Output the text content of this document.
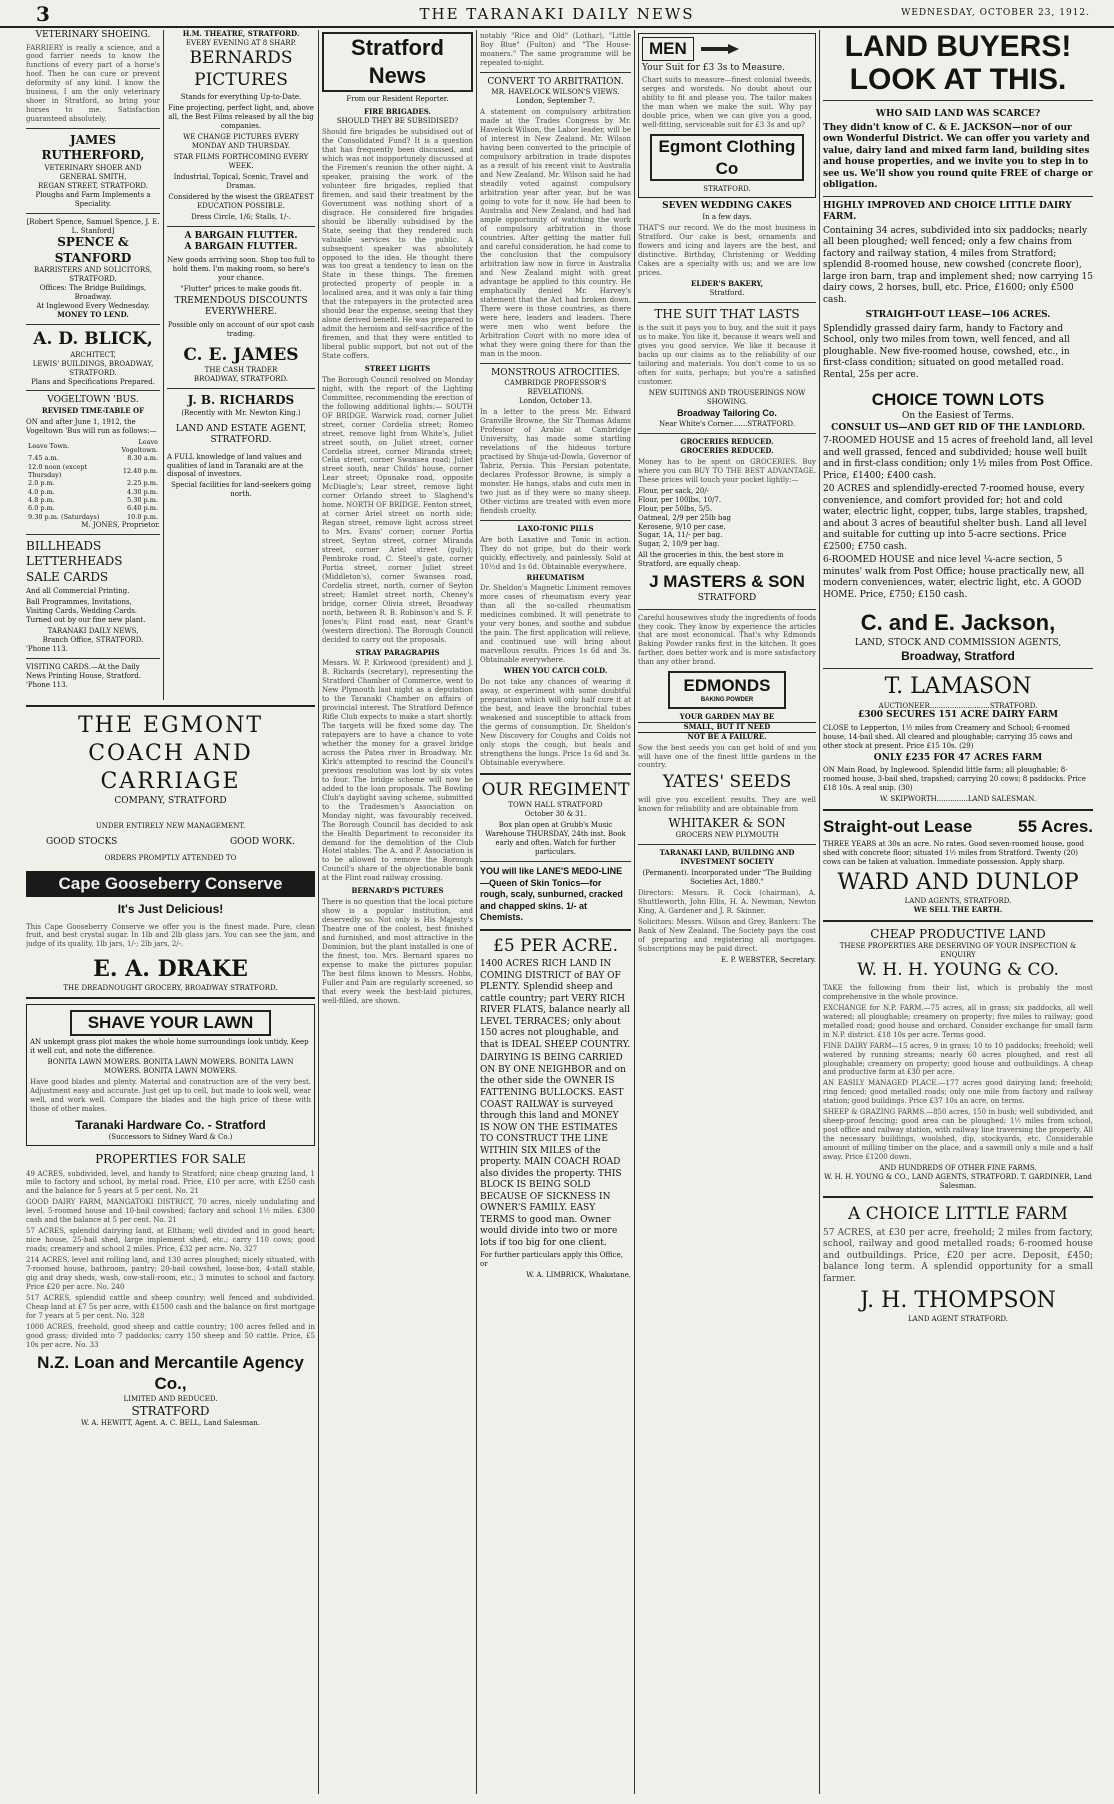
3	THE TARANAKI DAILY NEWS	WEDNESDAY, OCTOBER 23, 1912.
VETERINARY SHOEING.

FARRIERY is really a science, and a good farrier needs to know the functions of every part of a horse's hoof. Then he can cure or prevent deformity of any kind. I know the business, I am the only veterinary shoer in Stratford, so bring your horses to me. Satisfaction guaranteed absolutely.

JAMES RUTHERFORD,
VETERINARY SHOER AND GENERAL SMITH,
REGAN STREET, STRATFORD.
Ploughs and Farm Implements a Speciality.
[Robert Spence, Samuel Spence, J. E. L. Stanford]
SPENCE & STANFORD
BARRISTERS AND SOLICITORS, STRATFORD.
Offices: The Bridge Buildings, Broadway.
At Inglewood Every Wednesday.
MONEY TO LEND.
A. D. BLICK,
ARCHITECT,
LEWIS' BUILDINGS, BROADWAY, STRATFORD.
Plans and Specifications Prepared.
VOGELTOWN 'BUS.
REVISED TIME-TABLE OF

ON and after June 1, 1912, the Vogeltown 'Bus will run as follows:—

Leave Town.	Leave Vogeltown.
7.45 a.m.	8.30 a.m.
12.0 noon (except Thursday)	12.40 p.m.
2.0 p.m.	2.25 p.m.
4.0 p.m.	4.30 p.m.
4.8 p.m.	5.30 p.m.
6.0 p.m.	6.40 p.m.
9.30 p.m. (Saturdays)	10.0 p.m.
M. JONES, Proprietor.
BILLHEADS
LETTERHEADS
SALE CARDS

And all Commercial Printing.

Ball Programmes, Invitations, Visiting Cards, Wedding Cards. Turned out by our fine new plant.

TARANAKI DAILY NEWS,
Branch Office, STRATFORD.
'Phone 113.

VISITING CARDS.—At the Daily News Printing House, Stratford. 'Phone 113.

H.M. THEATRE, STRATFORD.
EVERY EVENING AT 8 SHARP.
BERNARDS PICTURES

Stands for everything Up-to-Date.

Fine projecting, perfect light, and, above all, the Best Films released by all the big companies.

WE CHANGE PICTURES EVERY MONDAY AND THURSDAY.

STAR FILMS FORTHCOMING EVERY WEEK.

Industrial, Topical, Scenic, Travel and Dramas.

Considered by the wisest the GREATEST EDUCATION POSSIBLE.

Dress Circle, 1/6; Stalls, 1/-.

A BARGAIN FLUTTER.
A BARGAIN FLUTTER.

New goods arriving soon. Shop too full to hold them. I'm making room, so here's your chance.

"Flutter" prices to make goods fit.

TREMENDOUS DISCOUNTS EVERYWHERE.

Possible only on account of our spot cash trading.

C. E. JAMES
THE CASH TRADER
BROADWAY, STRATFORD.
J. B. RICHARDS
(Recently with Mr. Newton King.)
LAND AND ESTATE AGENT, STRATFORD.

A FULL knowledge of land values and qualities of land in Taranaki are at the disposal of investors.

Special facilities for land-seekers going north.

THE EGMONT
COACH AND CARRIAGE
COMPANY, STRATFORD
UNDER ENTIRELY NEW MANAGEMENT.
GOOD STOCKS	GOOD WORK.
ORDERS PROMPTLY ATTENDED TO
Cape Gooseberry Conserve
It's Just Delicious!

This Cape Gooseberry Conserve we offer you is the finest made. Pure, clean fruit, and best crystal sugar. In 1lb and 2lb glass jars. You can see the jam, and judge of its quality. 1lb jars, 1/-; 2lb jars, 2/-.

E. A. DRAKE
THE DREADNOUGHT GROCERY, BROADWAY STRATFORD.
SHAVE YOUR LAWN

AN unkempt grass plot makes the whole home surroundings look untidy. Keep it well cut, and note the difference.

BONITA LAWN MOWERS. BONITA LAWN MOWERS. BONITA LAWN MOWERS. BONITA LAWN MOWERS.

Have good blades and plenty. Material and construction are of the very best. Adjustment easy and accurate. Just get up to cell, but made to look well, wear well, and work well. Compare the blades and the high price of these with those of other makes.

Taranaki Hardware Co. - Stratford
(Successors to Sidney Ward & Co.)
PROPERTIES FOR SALE

49 ACRES, subdivided, level, and handy to Stratford; nice cheap grazing land, 1 mile to factory and school, by metal road. Price, £10 per acre, with £250 cash and the balance for 5 years at 5 per cent. No. 21

GOOD DAIRY FARM, MANGATOKI DISTRICT, 70 acres, nicely undulating and level. 5-roomed house and 10-bail cowshed; factory and school 1½ miles. £300 cash and the balance at 5 per cent. No. 21

57 ACRES, splendid dairying land, at Eltham; well divided and in good heart; nice house, 25-bail shed, large implement shed, etc.; carry 110 cows; good roads; creamery and school 2 miles. Price, £32 per acre. No. 327

214 ACRES, level and rolling land, and 130 acres ploughed; nicely situated, with 7-roomed house, bathroom, pantry; 20-bail cowshed, loose-box, 4-stall stable, gig and dray sheds, wash, cow-stall-room, etc.; 3 minutes to school and factory. Price £20 per acre. No. 240

517 ACRES, splendid cattle and sheep country; well fenced and subdivided. Cheap land at £7 5s per acre, with £1500 cash and the balance on first mortgage for 7 years at 5 per cent. No. 328

1000 ACRES, freehold, good sheep and cattle country; 100 acres felled and in good grass; divided into 7 paddocks; carry 150 sheep and 50 cattle. Price, £5 10s per acre. No. 33

N.Z. Loan and Mercantile Agency Co.,
LIMITED AND REDUCED.
STRATFORD
W. A. HEWITT, Agent. A. C. BELL, Land Salesman.
Stratford News
From our Resident Reporter.
FIRE BRIGADES.
SHOULD THEY BE SUBSIDISED?

Should fire brigades be subsidised out of the Consolidated Fund? It is a question that has frequently been discussed, and which was not inopportunely discussed at the Firemen's reunion the other night. A speaker, praising the work of the volunteer fire brigades, replied that firemen, and said their treatment by the Government was nothing short of a disgrace. He considered fire brigades should be liberally subsidised by the State, seeing that they rendered such valuable services to the public. A subsequent speaker was absolutely opposed to the idea. He thought there was too great a tendency to lean on the State in these things. The firemen protected property of people in a localised area, and it was only a fair thing that the ratepayers in the protected area should bear the expense, seeing that they alone derived benefit. He was prepared to admit the heroism and self-sacrifice of the firemen, and that they were entitled to liberal public support, but not out of the State coffers.

STREET LIGHTS

The Borough Council resolved on Monday night, with the report of the Lighting Committee, recommending the erection of the following additional lights:— SOUTH OF BRIDGE. Warwick road, corner Juliet street, corner Cordelia street; Romeo street, remove light from White's, Juliet street south, on Juliet street, corner Cordelia street, corner Miranda street; Celia street, corner Swansea road; Juliet street south, near Childs' house, corner Lear street; Opunake road, opposite McDiagle's; Lear street, remove light corner Orlando street to Slaghend's home. NORTH OF BRIDGE. Fenton street, at corner Ariel street on north side; Regan street, remove light across street to Mrs. Evans' corner; corner Portia street, Seyton street, corner Miranda street, corner Ariel street (gully); Pembroke road, C. Steel's gate, corner Portia street, corner Juliet street (Middleton's), corner Swansea road, Cordelia street, north, corner of Seyton street; Hamlet street north, Cheney's bridge, corner Olivia street, Broadway north, between R. B. Robinson's and S. F. Jones's; Flint road east, near Grant's (western direction). The Borough Council decided to carry out the proposals.

STRAY PARAGRAPHS

Messrs. W. P. Kirkwood (president) and J. B. Richards (secretary), representing the Stratford Chamber of Commerce, went to New Plymouth last night as a deputation to the Taranaki Chamber on affairs of provincial interest. The Stratford Defence Rifle Club expects to make a start shortly. The targets will be fixed some day. The ratepayers are to have a chance to vote whether the money for a gravel bridge across the Patea river in Broadway. Mr. Kirk's attempted to rescind the Council's previous resolution was lost by six votes to four. The bridge scheme will now be added to the loan proposals. The Bowling Club's daylight saving scheme, submitted to the Tradesmen's Association on Monday night, was favourably received. The Borough Council has decided to ask the Health Department to reconsider its demand for the demolition of the Club Hotel stables. The A. and P. Association is to be allowed to remove the Borough Council's share of the objectionable bank at the Flint road railway crossing.

BERNARD'S PICTURES

There is no question that the local picture show is a popular institution, and deservedly so. Not only is His Majesty's Theatre one of the coolest, best finished and furnished, and most attractive in the Dominion, but the plant installed is one of the finest, too. Mrs. Bernard spares no expense to make the pictures popular. The best films known to Messrs. Hobbs, Fuller and Pain are regularly screened, so that every week the best-laid pictures, well-filled, are shown.

notably "Rice and Old" (Lothar), "Little Boy Blue" (Fulton) and "The House-moaners." The same programme will be repeated to-night.

CONVERT TO ARBITRATION.
MR. HAVELOCK WILSON'S VIEWS.
London, September 7.

A statement on compulsory arbitration made at the Trades Congress by Mr. Havelock Wilson, the Labor leader, will be of interest in New Zealand. Mr. Wilson having been converted to the principle of compulsory arbitration in trade disputes as a result of his recent visit to Australia and New Zealand. Mr. Wilson said he had steadily voted against compulsory arbitration year after year, but he was going to vote for it now. He had been to Australia and New Zealand, and had had ample opportunity of watching the work of compulsory arbitration in those countries. After getting the matter full and careful consideration, he had come to the conclusion that the compulsory arbitration law now in force in Australia and New Zealand might with great advantage be applied to this country. He emphatically denied Mr. Harvey's statement that the Act had broken down. There were in those countries, as there were here, leaders and leaders. There were men who went before the Arbitration Court with no more idea of what they were going there for than the man in the moon.

MONSTROUS ATROCITIES.
CAMBRIDGE PROFESSOR'S REVELATIONS.
London, October 13.

In a letter to the press Mr. Edward Granville Browne, the Sir Thomas Adams Professor of Arabic at Cambridge University, has made some startling revelations of the hideous torture practised by Shuja-ud-Dowla, Governor of Tabriz, Persia. This Persian potentate, declares Professor Browne, is simply a monster. He hangs, stabs and cuts men in two just as if they were so many sheep. Other victims are treated with even more fiendish cruelty.

LAXO-TONIC PILLS

Are both Laxative and Tonic in action. They do not gripe, but do their work quickly, effectively, and painlessly. Sold at 10½d and 1s 6d. Obtainable everywhere.

RHEUMATISM

Dr. Sheldon's Magnetic Liniment removes more cases of rheumatism every year than all the so-called rheumatism medicines combined. It will penetrate to your very bones, and soothe and subdue the pain. The first application will relieve, and continued use will bring about marvellous results. Prices 1s 6d and 3s. Obtainable everywhere.

WHEN YOU CATCH COLD.

Do not take any chances of wearing it away, or experiment with some doubtful preparation which will only half cure it at the best, and leave the bronchial tubes weakened and susceptible to attack from the germs of consumption. Dr. Sheldon's New Discovery for Coughs and Colds not only stops the cough, but heals and strengthens the lungs. Price 1s 6d and 3s. Obtainable everywhere.

OUR REGIMENT
TOWN HALL STRATFORD
October 30 & 31.

Box plan open at Grubb's Music Warehouse THURSDAY, 24th inst. Book early and often. Watch for further particulars.

YOU will like LANE'S MEDO-LINE—Queen of Skin Tonics—for rough, scaly, sunburned, cracked and chapped skins. 1/- at Chemists.

£5 PER ACRE.

1400 ACRES RICH LAND IN COMING DISTRICT of BAY OF PLENTY. Splendid sheep and cattle country; part VERY RICH RIVER FLATS, balance nearly all LEVEL TERRACES; only about 150 acres not ploughable, and that is IDEAL SHEEP COUNTRY.

DAIRYING IS BEING CARRIED ON BY ONE NEIGHBOR and on the other side the OWNER IS FATTENING BULLOCKS. EAST COAST RAILWAY is surveyed through this land and MONEY IS NOW ON THE ESTIMATES TO CONSTRUCT THE LINE WITHIN SIX MILES of the property. MAIN COACH ROAD also divides the property. THIS BLOCK IS BEING SOLD BECAUSE OF SICKNESS IN OWNER'S FAMILY. EASY TERMS to good man. Owner would divide into two or more lots if too big for one client.

For further particulars apply this Office, or

W. A. LIMBRICK, Whakatane.
MEN

Your Suit for £3 3s to Measure.

Chart suits to measure—finest colonial tweeds, serges and worsteds. No doubt about our ability to fit and please you. The tailor makes the man when we make the suit. Why pay double price, when we can give you a good, well-fitting, serviceable suit for £3 3s and up?

Egmont Clothing Co
STRATFORD.
SEVEN WEDDING CAKES
In a few days.

THAT'S our record. We do the most business in Stratford. Our cake is best, ornaments and flowers and icing and layers are the best, and distinctive. Birthday, Christening or Wedding Cakes are a specialty with us; and we are low prices.

ELDER'S BAKERY,
Stratford.
THE SUIT THAT LASTS

is the suit it pays you to buy, and the suit it pays us to make. You like it, because it wears well and gives you good service. We like it because it backs up our claims as to the reliability of our tailoring and materials. You don't come to us so often for suits, perhaps; but you're a satisfied customer.

NEW SUITINGS AND TROUSERINGS NOW SHOWING.

Broadway Tailoring Co.
Near White's Corner.......STRATFORD.
GROCERIES REDUCED.
GROCERIES REDUCED.

Money has to be spent on GROCERIES. Buy where you can BUY TO THE BEST ADVANTAGE. These prices will touch your pocket lightly:—

Flour, per sack, 20/-
Flour, per 100lbs, 10/7.
Flour, per 50lbs, 5/5.
Oatmeal, 2/9 per 25lb bag
Kerosene, 9/10 per case.
Sugar, 1A, 11/- per bag.
Sugar, 2, 10/9 per bag.

All the groceries in this, the best store in Stratford, are equally cheap.

J MASTERS & SON
STRATFORD

Careful housewives study the ingredients of foods they cook. They know by experience the articles that are most economical. That's why Edmonds Baking Powder ranks first in the kitchen. It goes farther, does better work and is more satisfactory than any other brand.

EDMONDS
BAKING POWDER
YOUR GARDEN MAY BE
SMALL, BUT IT NEED
NOT BE A FAILURE.

Sow the best seeds you can get hold of and you will have one of the finest little gardens in the country.

YATES' SEEDS

will give you excellent results. They are well known for reliability and are obtainable from

WHITAKER & SON
GROCERS NEW PLYMOUTH
TARANAKI LAND, BUILDING AND INVESTMENT SOCIETY

(Permanent). Incorporated under "The Building Societies Act, 1880."

Directors: Messrs. R. Cock (chairman), A. Shuttleworth, John Ellis, H. A. Newman, Newton King, A. Gardener and J. R. Skinner.

Solicitors: Messrs. Wilson and Grey. Bankers: The Bank of New Zealand. The Society pays the cost of preparing and registering all mortgages. Subscriptions may be paid direct.

E. P. WEBSTER, Secretary.
LAND BUYERS!
LOOK AT THIS.
WHO SAID LAND WAS SCARCE?

They didn't know of C. & E. JACKSON—nor of our own Wonderful District. We can offer you variety and value, dairy land and mixed farm land, building sites and house properties, and we invite you to step in to see us. We'll show you round quite FREE of charge or obligation.

HIGHLY IMPROVED AND CHOICE LITTLE DAIRY FARM.

Containing 34 acres, subdivided into six paddocks; nearly all been ploughed; well fenced; only a few chains from factory and railway station, 4 miles from Stratford; splendid 8-roomed house, new cowshed (concrete floor), large iron barn, trap and implement shed; now carrying 15 dairy cows, 2 horses, bull, etc. Price, £1600; only £500 cash.

STRAIGHT-OUT LEASE—106 ACRES.

Splendidly grassed dairy farm, handy to Factory and School, only two miles from town, well fenced, and all ploughable. New five-roomed house, cowshed, etc., in first-class condition; situated on good metalled road. Rental, 25s per acre.

CHOICE TOWN LOTS
On the Easiest of Terms.
CONSULT US—AND GET RID OF THE LANDLORD.

7-ROOMED HOUSE and 15 acres of freehold land, all level and well grassed, fenced and subdivided; house well built and in first-class condition; only 1½ miles from Post Office. Price, £1400; £400 cash.

20 ACRES and splendidly-erected 7-roomed house, every convenience, and comfort provided for; hot and cold water, electric light, copper, tubs, large stables, trapshed, and about 3 acres of beautiful shelter bush. Land all level and suitable for cutting up into 5-acre sections. Price £2500; £750 cash.

6-ROOMED HOUSE and nice level ¼-acre section, 5 minutes' walk from Post Office; house practically new, all modern conveniences, water, electric light, etc. A GOOD HOME. Price, £750; £150 cash.

C. and E. Jackson,
LAND, STOCK AND COMMISSION AGENTS,
Broadway, Stratford
T. LAMASON
AUCTIONEER...........................STRATFORD.
£300 SECURES 151 ACRE DAIRY FARM

CLOSE to Lepperton, 1½ miles from Creamery and School; 6-roomed house, 14-bail shed. All cleared and ploughable; carrying 35 cows and other stock at present. Price £15 10s. (29)

ONLY £235 FOR 47 ACRES FARM

ON Main Road, by Inglewood. Splendid little farm; all ploughable; 8-roomed house, 3-bail shed, trapshed; carrying 20 cows; 8 paddocks. Price £18 10s. A real snip. (30)

W. SKIPWORTH..............LAND SALESMAN.
Straight-out Lease	55 Acres.

THREE YEARS at 30s an acre. No rates. Good seven-roomed house, good shed with concrete floor; situated 1½ miles from Stratford. Twenty (20) cows can be taken at valuation. Immediate possession. Apply sharp.

WARD AND DUNLOP
LAND AGENTS, STRATFORD.
WE SELL THE EARTH.
CHEAP PRODUCTIVE LAND
THESE PROPERTIES ARE DESERVING OF YOUR INSPECTION & ENQUIRY
W. H. H. YOUNG & CO.

TAKE the following from their list, which is probably the most comprehensive in the whole province.

EXCHANGE for N.P. FARM.—75 acres, all in grass; six paddocks, all well watered; all ploughable; creamery on property; five miles to railway; good metalled road; good house and orchard. Consider exchange for small farm in N.P. district. £18 10s per acre. Terms good.

FINE DAIRY FARM—15 acres, 9 in grass; 10 to 10 paddocks; freehold; well watered by running streams; nearly 60 acres ploughed, and rest all ploughable; creamery on property; good house and outbuildings. A cheap and productive farm at £30 per acre.

AN EASILY MANAGED PLACE.—177 acres good dairying land; freehold; ring fenced; good metalled roads; only one mile from factory and railway station; good buildings. Price £37 10s an acre, on terms.

SHEEP & GRAZING FARMS.—850 acres, 150 in bush; well subdivided, and sheep-proof fencing; good area can be ploughed; 1½ miles from school, post office and railway station, with railway line traversing the property. All the necessary buildings, woolshed, dip, stockyards, etc. Considerable amount of milling timber on the place, and a sawmill only a mile and a half away. Price £1200 down.

AND HUNDREDS OF OTHER FINE FARMS.
W. H. H. YOUNG & CO., LAND AGENTS, STRATFORD. T. GARDINER, Land Salesman.
A CHOICE LITTLE FARM

57 ACRES, at £30 per acre, freehold; 2 miles from factory, school, railway and good metalled roads; 6-roomed house and outbuildings. Price, £20 per acre. Deposit, £450; balance long term. A splendid opportunity for a small farmer.

J. H. THOMPSON
LAND AGENT STRATFORD.
